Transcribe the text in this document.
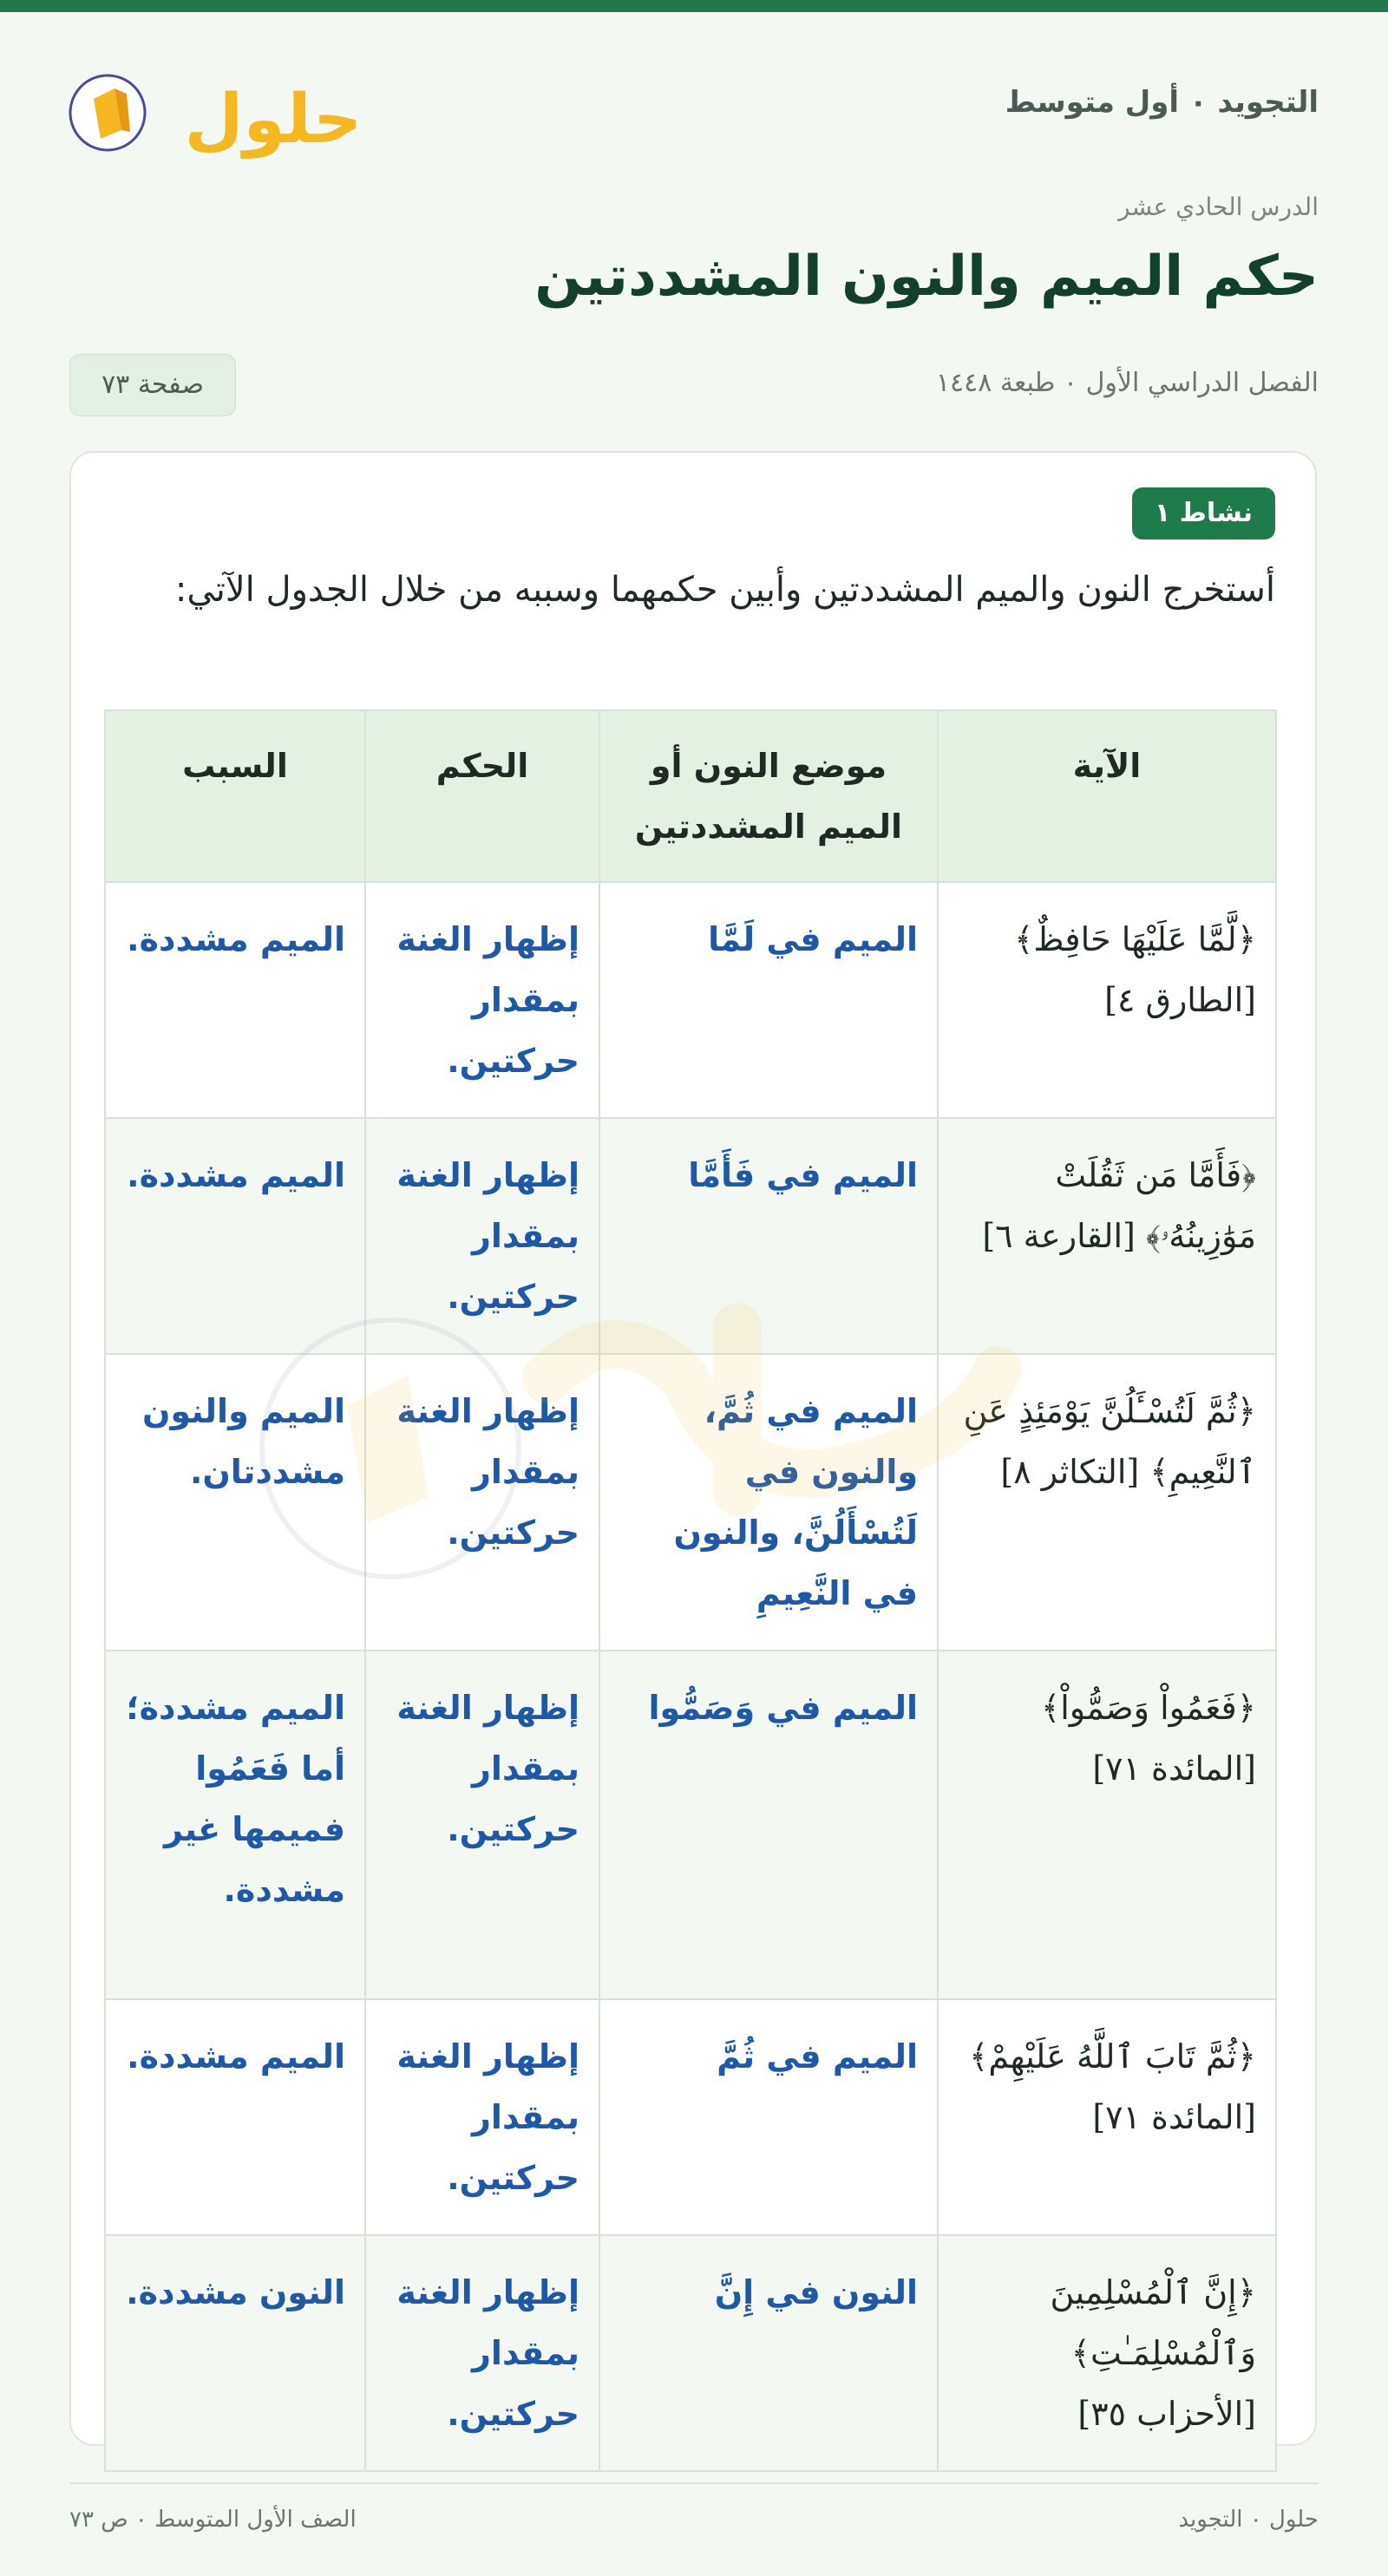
التجويد ٠ أول متوسط
حلول
الدرس الحادي عشر
حكم الميم والنون المشددتين
الفصل الدراسي الأول ٠ طبعة ١٤٤٨
صفحة ٧٣
نشاط ١
أستخرج النون والميم المشددتين وأبين حكمهما وسببه من خلال الجدول الآتي:
الآية	موضع النون أو الميم المشددتين	الحكم	السبب
﴿لَّمَّا عَلَيْهَا حَافِظٌ﴾ [الطارق ٤]	الميم في لَمَّا	إظهار الغنة بمقدار حركتين.	الميم مشددة.
﴿فَأَمَّا مَن ثَقُلَتْ مَوَٰزِينُهُۥ﴾ [القارعة ٦]	الميم في فَأَمَّا	إظهار الغنة بمقدار حركتين.	الميم مشددة.
﴿ثُمَّ لَتُسْـَٔلُنَّ يَوْمَئِذٍ عَنِ ٱلنَّعِيمِ﴾ [التكاثر ٨]	الميم في ثُمَّ، والنون في لَتُسْأَلُنَّ، والنون في النَّعِيمِ	إظهار الغنة بمقدار حركتين.	الميم والنون مشددتان.
﴿فَعَمُواْ وَصَمُّواْ﴾ [المائدة ٧١]	الميم في وَصَمُّوا	إظهار الغنة بمقدار حركتين.	الميم مشددة؛ أما فَعَمُوا فميمها غير مشددة.
﴿ثُمَّ تَابَ ٱللَّهُ عَلَيْهِمْ﴾ [المائدة ٧١]	الميم في ثُمَّ	إظهار الغنة بمقدار حركتين.	الميم مشددة.
﴿إِنَّ ٱلْمُسْلِمِينَ وَٱلْمُسْلِمَـٰتِ﴾ [الأحزاب ٣٥]	النون في إِنَّ	إظهار الغنة بمقدار حركتين.	النون مشددة.
حلول ٠ التجويد
الصف الأول المتوسط ٠ ص ٧٣
